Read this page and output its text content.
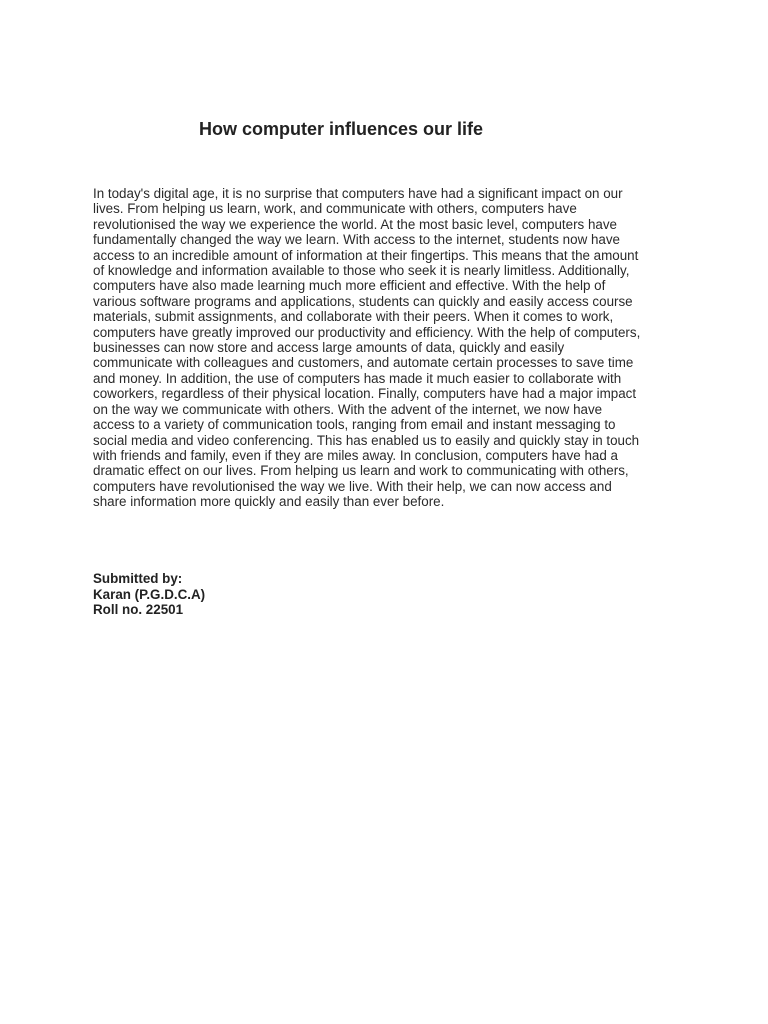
How computer influences our life

In today's digital age, it is no surprise that computers have had a significant impact on our
lives. From helping us learn, work, and communicate with others, computers have
revolutionised the way we experience the world. At the most basic level, computers have
fundamentally changed the way we learn. With access to the internet, students now have
access to an incredible amount of information at their fingertips. This means that the amount
of knowledge and information available to those who seek it is nearly limitless. Additionally,
computers have also made learning much more efficient and effective. With the help of
various software programs and applications, students can quickly and easily access course
materials, submit assignments, and collaborate with their peers. When it comes to work,
computers have greatly improved our productivity and efficiency. With the help of computers,
businesses can now store and access large amounts of data, quickly and easily
communicate with colleagues and customers, and automate certain processes to save time
and money. In addition, the use of computers has made it much easier to collaborate with
coworkers, regardless of their physical location. Finally, computers have had a major impact
on the way we communicate with others. With the advent of the internet, we now have
access to a variety of communication tools, ranging from email and instant messaging to
social media and video conferencing. This has enabled us to easily and quickly stay in touch
with friends and family, even if they are miles away. In conclusion, computers have had a
dramatic effect on our lives. From helping us learn and work to communicating with others,
computers have revolutionised the way we live. With their help, we can now access and
share information more quickly and easily than ever before.

Submitted by:
Karan (P.G.D.C.A)
Roll no. 22501
